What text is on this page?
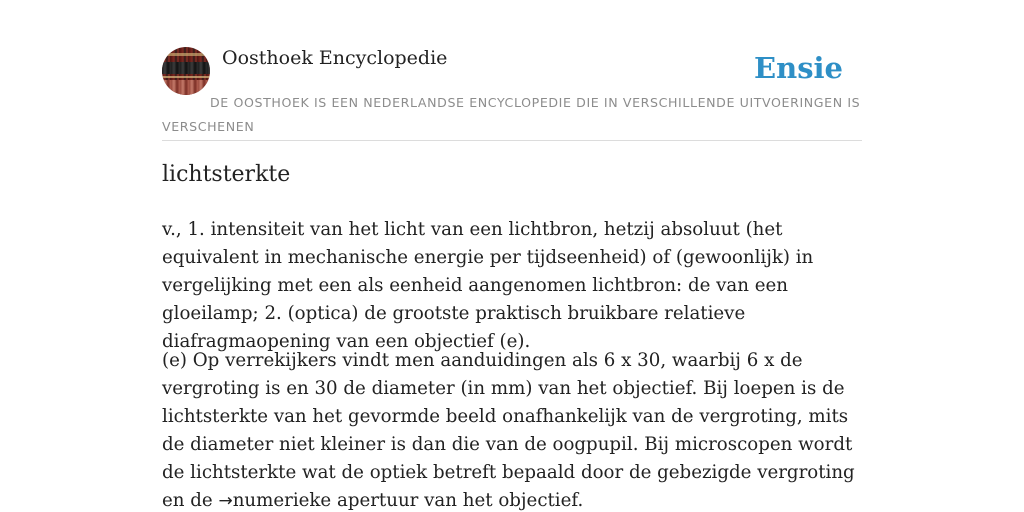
Oosthoek Encyclopedie	Ensie
DE OOSTHOEK IS EEN NEDERLANDSE ENCYCLOPEDIE DIE IN VERSCHILLENDE UITVOERINGEN IS VERSCHENEN
lichtsterkte

v., 1. intensiteit van het licht van een lichtbron, hetzij absoluut (het equivalent in mechanische energie per tijdseenheid) of (gewoonlijk) in vergelijking met een als eenheid aangenomen lichtbron: de van een gloeilamp; 2. (optica) de grootste praktisch bruikbare relatieve diafragmaopening van een objectief (e).

(e) Op verrekijkers vindt men aanduidingen als 6 x 30, waarbij 6 x de vergroting is en 30 de diameter (in mm) van het objectief. Bij loepen is de lichtsterkte van het gevormde beeld onafhankelijk van de vergroting, mits de diameter niet kleiner is dan die van de oogpupil. Bij microscopen wordt de lichtsterkte wat de optiek betreft bepaald door de gebezigde vergroting en de →numerieke apertuur van het objectief.
